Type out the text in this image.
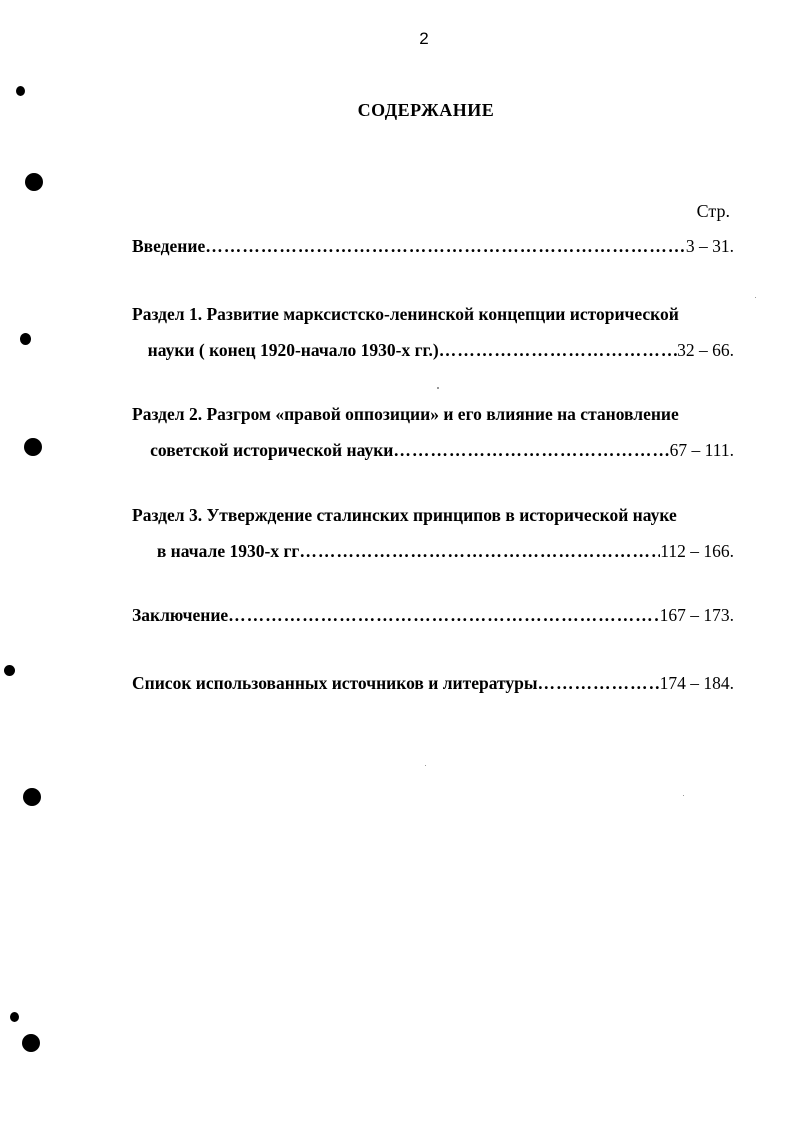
2
СОДЕРЖАНИЕ
Стр.
Введение ………………………………………………………………………………………………………………………………………………………………………………	3 – 31.
Раздел 1. Развитие марксистско-ленинской концепции исторической
науки ( конец 1920-начало 1930-х гг.) ………………………………………………………………………………………………………………………………………………………………………………	32 – 66.
Раздел 2. Разгром «правой оппозиции» и его влияние на становление
советской исторической науки ………………………………………………………………………………………………………………………………………………………………………………	67 – 111.
Раздел 3. Утверждение сталинских принципов в исторической науке
в начале 1930-х гг ………………………………………………………………………………………………………………………………………………………………………………	112 – 166.
Заключение ………………………………………………………………………………………………………………………………………………………………………………	167 – 173.
Список использованных источников и литературы ………………………………………………………………………………………………………………………………………………………………………………	174 – 184.
